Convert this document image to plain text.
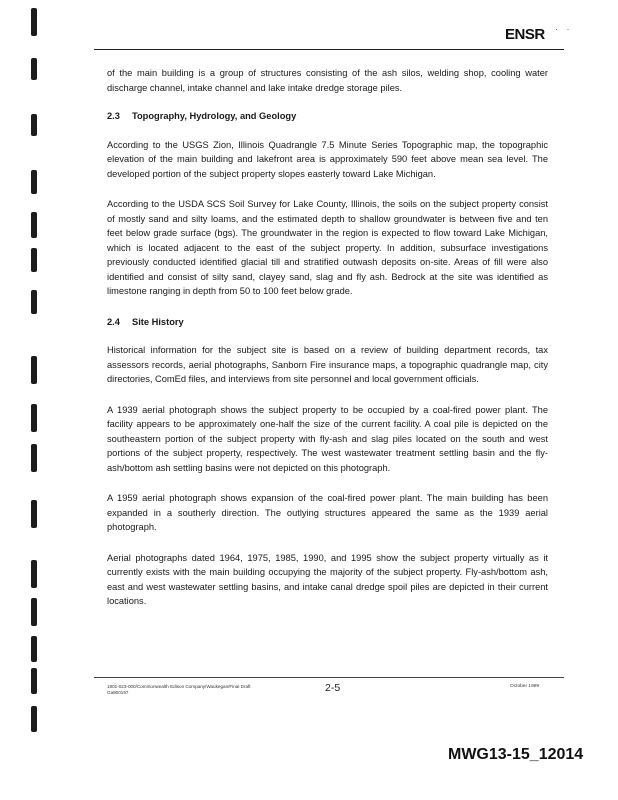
ENSR · ·

of the main building is a group of structures consisting of the ash silos, welding shop, cooling water discharge channel, intake channel and lake intake dredge storage piles.

2.3 Topography, Hydrology, and Geology

According to the USGS Zion, Illinois Quadrangle 7.5 Minute Series Topographic map, the topographic elevation of the main building and lakefront area is approximately 590 feet above mean sea level. The developed portion of the subject property slopes easterly toward Lake Michigan.

According to the USDA SCS Soil Survey for Lake County, Illinois, the soils on the subject property consist of mostly sand and silty loams, and the estimated depth to shallow groundwater is between five and ten feet below grade surface (bgs). The groundwater in the region is expected to flow toward Lake Michigan, which is located adjacent to the east of the subject property. In addition, subsurface investigations previously conducted identified glacial till and stratified outwash deposits on-site. Areas of fill were also identified and consist of silty sand, clayey sand, slag and fly ash. Bedrock at the site was identified as limestone ranging in depth from 50 to 100 feet below grade.

2.4 Site History

Historical information for the subject site is based on a review of building department records, tax assessors records, aerial photographs, Sanborn Fire insurance maps, a topographic quadrangle map, city directories, ComEd files, and interviews from site personnel and local government officials.

A 1939 aerial photograph shows the subject property to be occupied by a coal-fired power plant. The facility appears to be approximately one-half the size of the current facility. A coal pile is depicted on the southeastern portion of the subject property with fly-ash and slag piles located on the south and west portions of the subject property, respectively. The west wastewater treatment settling basin and the fly-ash/bottom ash settling basins were not depicted on this photograph.

A 1959 aerial photograph shows expansion of the coal-fired power plant. The main building has been expanded in a southerly direction. The outlying structures appeared the same as the 1939 aerial photograph.

Aerial photographs dated 1964, 1975, 1985, 1990, and 1995 show the subject property virtually as it currently exists with the main building occupying the majority of the subject property. Fly-ash/bottom ash, east and west wastewater settling basins, and intake canal dredge spoil piles are depicted in their current locations.

1801-023-000/Commonwealth Edison Company/Waukegan/Final Draft
Ga900197	2-5	October 1999
MWG13-15_12014
